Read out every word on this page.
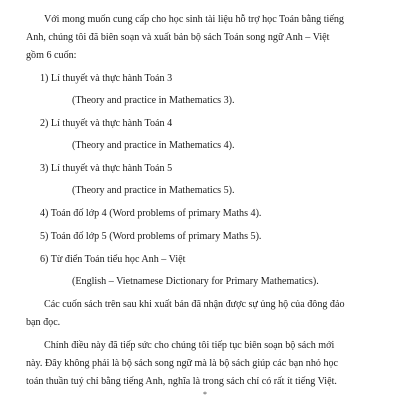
Với mong muốn cung cấp cho học sinh tài liệu hỗ trợ học Toán bằng tiếng

Anh, chúng tôi đã biên soạn và xuất bản bộ sách Toán song ngữ Anh – Việt

gồm 6 cuốn:

1) Lí thuyết và thực hành Toán 3

(Theory and practice in Mathematics 3).

2) Lí thuyết và thực hành Toán 4

(Theory and practice in Mathematics 4).

3) Lí thuyết và thực hành Toán 5

(Theory and practice in Mathematics 5).

4) Toán đố lớp 4 (Word problems of primary Maths 4).

5) Toán đố lớp 5 (Word problems of primary Maths 5).

6) Từ điển Toán tiểu học Anh – Việt

(English – Vietnamese Dictionary for Primary Mathematics).

Các cuốn sách trên sau khi xuất bản đã nhận được sự ủng hộ của đông đảo

bạn đọc.

Chính điều này đã tiếp sức cho chúng tôi tiếp tục biên soạn bộ sách mới

này. Đây không phải là bộ sách song ngữ mà là bộ sách giúp các bạn nhỏ học

toán thuần tuý chỉ bằng tiếng Anh, nghĩa là trong sách chỉ có rất ít tiếng Việt.

*
